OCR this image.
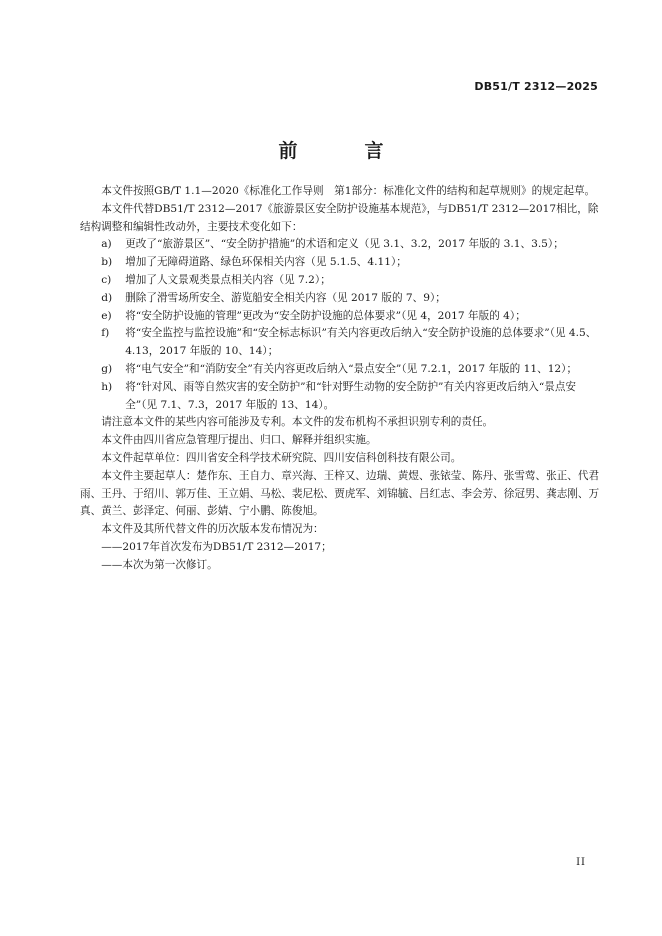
DB51/T 2312—2025
前　言

本文件按照GB/T 1.1—2020《标准化工作导则　第1部分：标准化文件的结构和起草规则》的规定起草。

本文件代替DB51/T 2312—2017《旅游景区安全防护设施基本规范》，与DB51/T 2312—2017相比，除结构调整和编辑性改动外，主要技术变化如下：

a)	更改了“旅游景区”、“安全防护措施”的术语和定义（见 3.1、3.2，2017 年版的 3.1、3.5）；
b)	增加了无障碍道路、绿色环保相关内容（见 5.1.5、4.11）；
c)	增加了人文景观类景点相关内容（见 7.2）；
d)	删除了滑雪场所安全、游览船安全相关内容（见 2017 版的 7、9）；
e)	将“安全防护设施的管理”更改为“安全防护设施的总体要求”（见 4，2017 年版的 4）；
f)	将“安全监控与监控设施”和“安全标志标识”有关内容更改后纳入“安全防护设施的总体要求”（见 4.5、4.13，2017 年版的 10、14）；
g)	将“电气安全”和“消防安全”有关内容更改后纳入“景点安全”（见 7.2.1，2017 年版的 11、12）；
h)	将“针对风、雨等自然灾害的安全防护”和“针对野生动物的安全防护”有关内容更改后纳入“景点安全”（见 7.1、7.3，2017 年版的 13、14）。

请注意本文件的某些内容可能涉及专利。本文件的发布机构不承担识别专利的责任。

本文件由四川省应急管理厅提出、归口、解释并组织实施。

本文件起草单位：四川省安全科学技术研究院、四川安信科创科技有限公司。

本文件主要起草人：楚作东、王自力、章兴海、王梓又、边瑞、黄煜、张铱莹、陈丹、张雪莺、张正、代君雨、王丹、于绍川、郭万佳、王立娟、马松、裴尼松、贾虎军、刘锦毓、吕红志、李会芳、徐冠男、龚志刚、万真、黄兰、彭泽定、何丽、彭婧、宁小鹏、陈俊旭。

本文件及其所代替文件的历次版本发布情况为：

——2017年首次发布为DB51/T 2312—2017；

——本次为第一次修订。

II
